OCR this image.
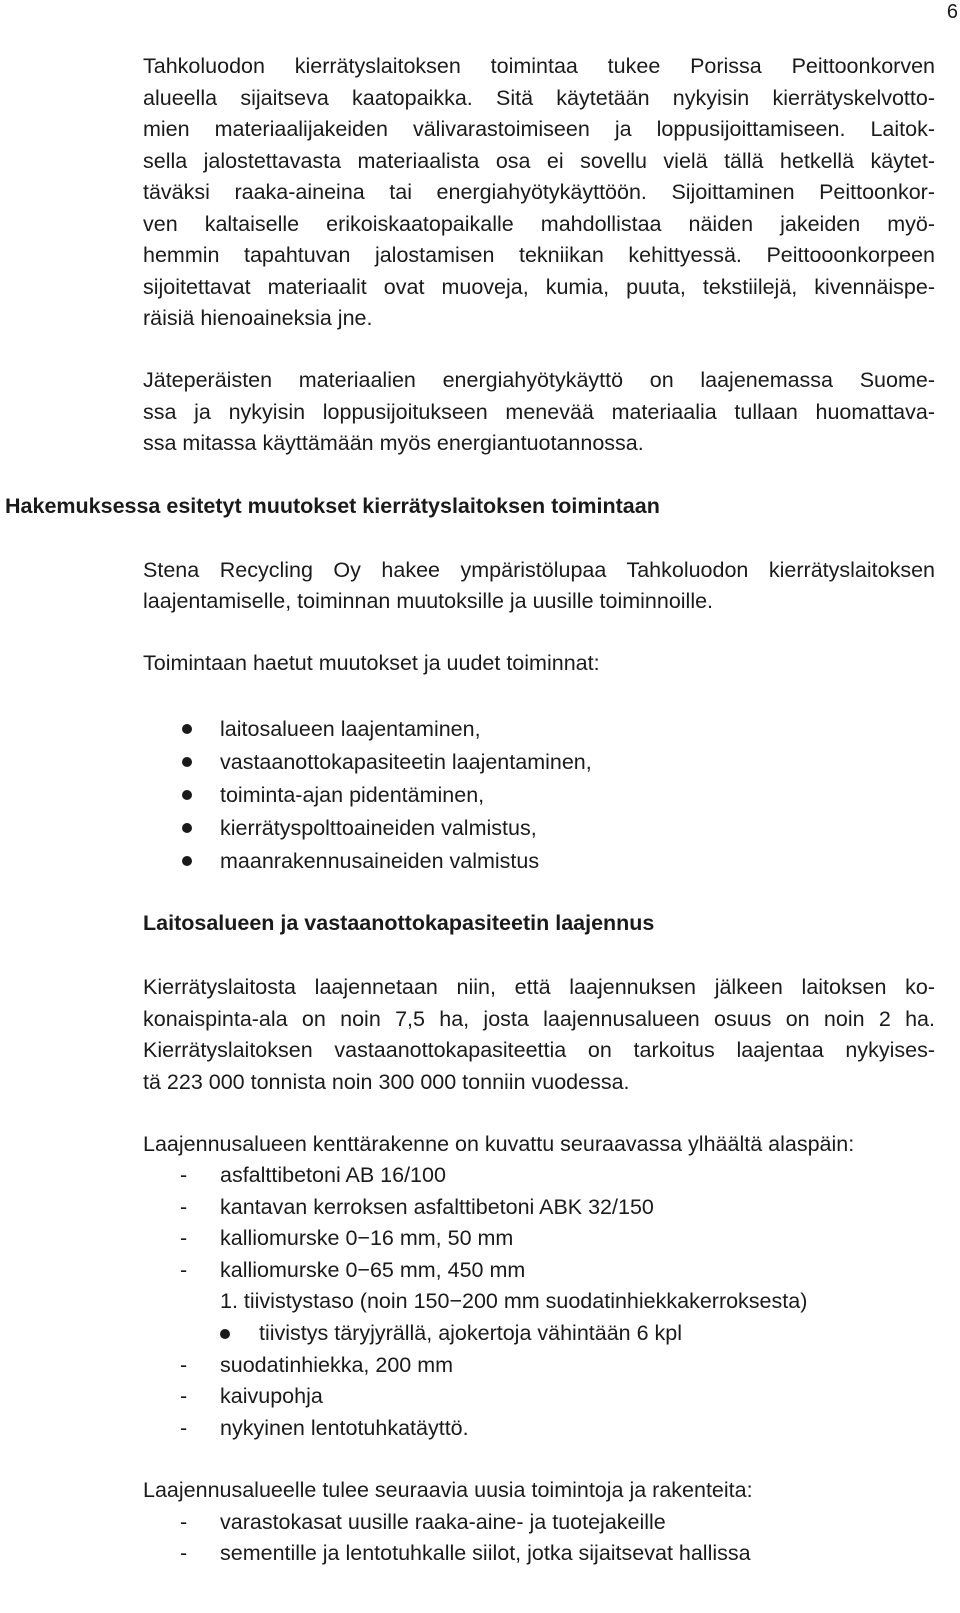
6
Tahkoluodon kierrätyslaitoksen toimintaa tukee Porissa Peittoonkorven
alueella sijaitseva kaatopaikka. Sitä käytetään nykyisin kierrätyskelvotto-
mien materiaalijakeiden välivarastoimiseen ja loppusijoittamiseen. Laitok-
sella jalostettavasta materiaalista osa ei sovellu vielä tällä hetkellä käytet-
täväksi raaka-aineina tai energiahyötykäyttöön. Sijoittaminen Peittoonkor-
ven kaltaiselle erikoiskaatopaikalle mahdollistaa näiden jakeiden myö-
hemmin tapahtuvan jalostamisen tekniikan kehittyessä. Peittooonkorpeen
sijoitettavat materiaalit ovat muoveja, kumia, puuta, tekstiilejä, kivennäispe-
räisiä hienoaineksia jne.
Jäteperäisten materiaalien energiahyötykäyttö on laajenemassa Suome-
ssa ja nykyisin loppusijoitukseen menevää materiaalia tullaan huomattava-
ssa mitassa käyttämään myös energiantuotannossa.
Hakemuksessa esitetyt muutokset kierrätyslaitoksen toimintaan
Stena Recycling Oy hakee ympäristölupaa Tahkoluodon kierrätyslaitoksen
laajentamiselle, toiminnan muutoksille ja uusille toiminnoille.
Toimintaan haetut muutokset ja uudet toiminnat:
laitosalueen laajentaminen,
vastaanottokapasiteetin laajentaminen,
toiminta-ajan pidentäminen,
kierrätyspolttoaineiden valmistus,
maanrakennusaineiden valmistus
Laitosalueen ja vastaanottokapasiteetin laajennus
Kierrätyslaitosta laajennetaan niin, että laajennuksen jälkeen laitoksen ko-
konaispinta-ala on noin 7,5 ha, josta laajennusalueen osuus on noin 2 ha.
Kierrätyslaitoksen vastaanottokapasiteettia on tarkoitus laajentaa nykyises-
tä 223 000 tonnista noin 300 000 tonniin vuodessa.
Laajennusalueen kenttärakenne on kuvattu seuraavassa ylhäältä alaspäin:
- asfalttibetoni AB 16/100
- kantavan kerroksen asfalttibetoni ABK 32/150
- kalliomurske 0−16 mm, 50 mm
- kalliomurske 0−65 mm, 450 mm
1. tiivistystaso (noin 150−200 mm suodatinhiekkakerroksesta)
tiivistys täryjyrällä, ajokertoja vähintään 6 kpl
- suodatinhiekka, 200 mm
- kaivupohja
- nykyinen lentotuhkatäyttö.
Laajennusalueelle tulee seuraavia uusia toimintoja ja rakenteita:
- varastokasat uusille raaka-aine- ja tuotejakeille
- sementille ja lentotuhkalle siilot, jotka sijaitsevat hallissa
